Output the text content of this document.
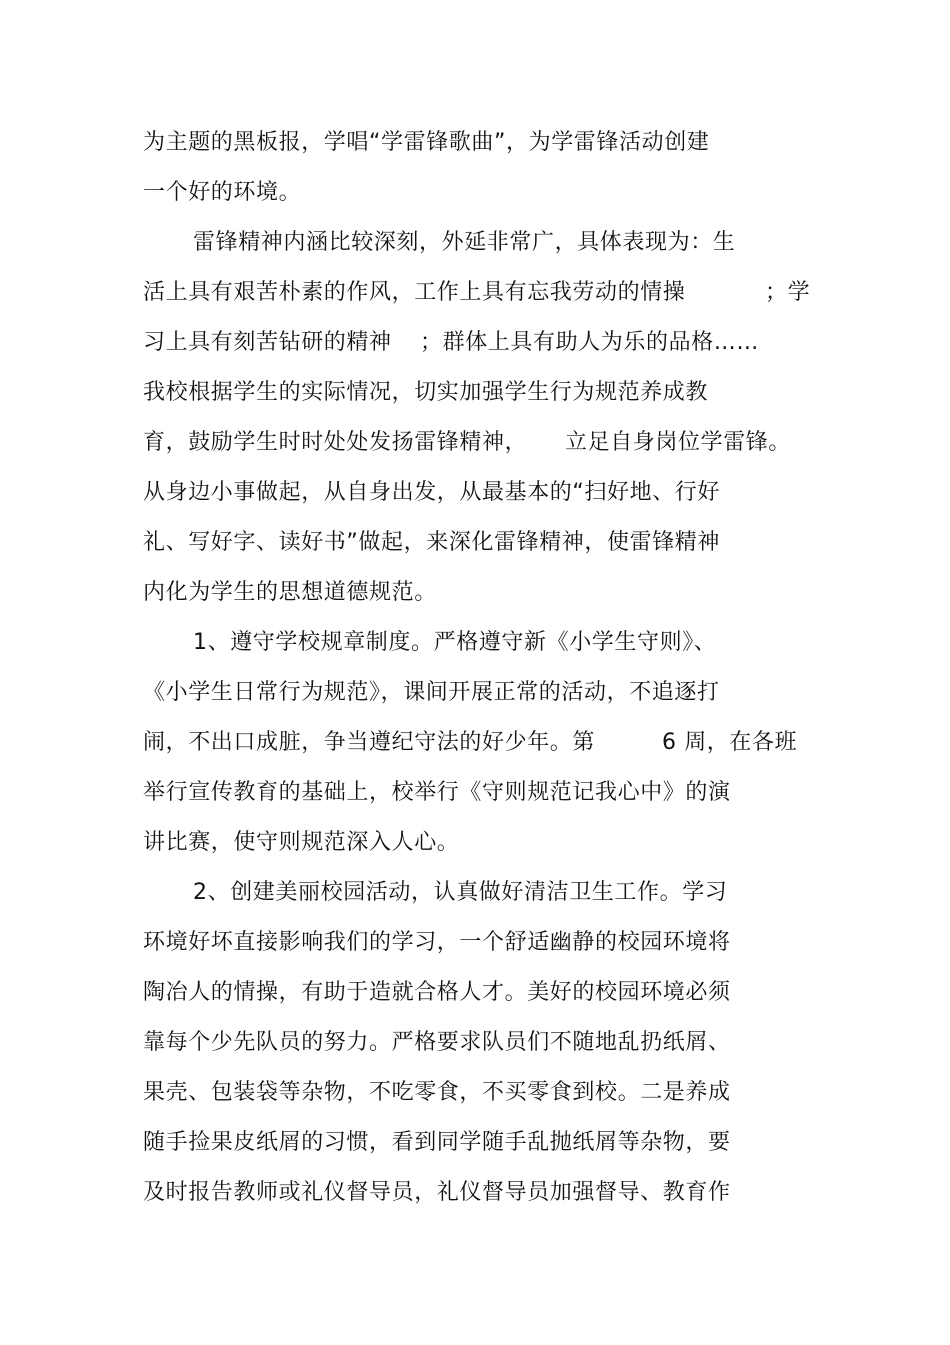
为主题的黑板报，学唱“学雷锋歌曲”，为学雷锋活动创建
一个好的环境。
雷锋精神内涵比较深刻，外延非常广，具体表现为：生
活上具有艰苦朴素的作风，工作上具有忘我劳动的情操	；学
习上具有刻苦钻研的精神 ；群体上具有助人为乐的品格……
我校根据学生的实际情况，切实加强学生行为规范养成教
育，鼓励学生时时处处发扬雷锋精神， 立足自身岗位学雷锋。
从身边小事做起，从自身出发，从最基本的“扫好地、行好
礼、写好字、读好书”做起，来深化雷锋精神，使雷锋精神
内化为学生的思想道德规范。
1、遵守学校规章制度。严格遵守新《小学生守则》、
《小学生日常行为规范》，课间开展正常的活动，不追逐打
闹，不出口成脏，争当遵纪守法的好少年。第	6 周，在各班
举行宣传教育的基础上，校举行《守则规范记我心中》的演
讲比赛，使守则规范深入人心。
2、创建美丽校园活动，认真做好清洁卫生工作。学习
环境好坏直接影响我们的学习，一个舒适幽静的校园环境将
陶冶人的情操，有助于造就合格人才。美好的校园环境必须
靠每个少先队员的努力。严格要求队员们不随地乱扔纸屑、
果壳、包装袋等杂物，不吃零食，不买零食到校。二是养成
随手捡果皮纸屑的习惯，看到同学随手乱抛纸屑等杂物，要
及时报告教师或礼仪督导员，礼仪督导员加强督导、教育作
